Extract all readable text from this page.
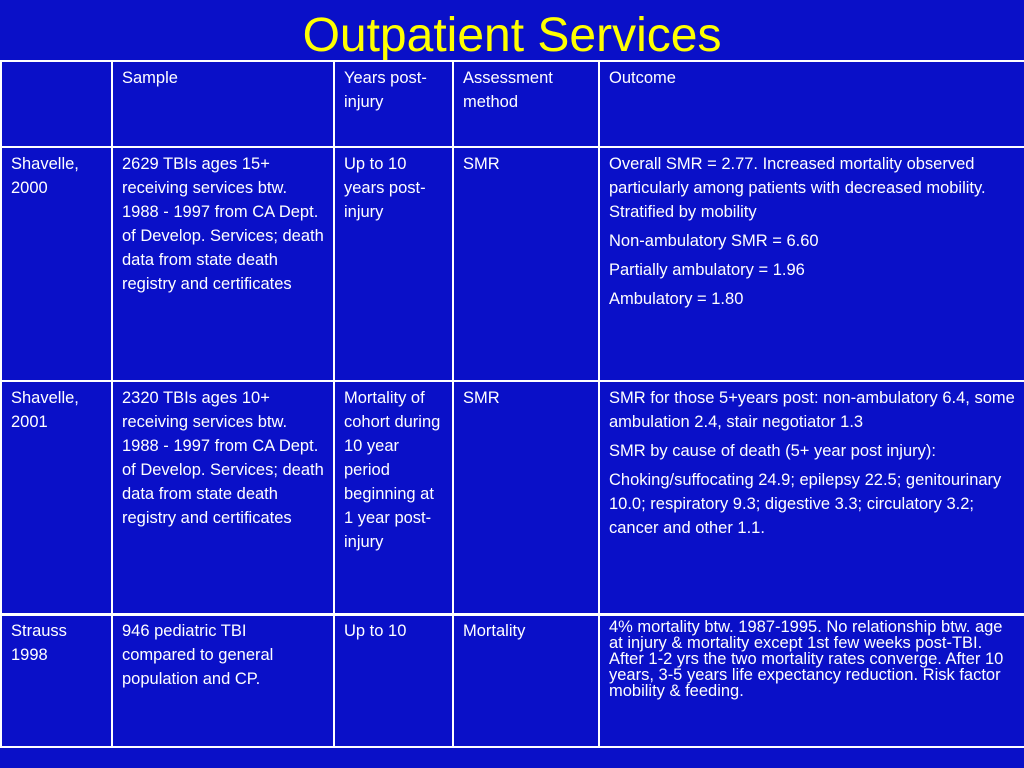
Outpatient Services
	Sample	Years post-injury	Assessment method	Outcome
Shavelle, 2000	2629 TBIs ages 15+ receiving services btw. 1988 - 1997 from CA Dept. of Develop. Services; death data from state death registry and certificates	Up to 10 years post-injury	SMR	Overall SMR = 2.77. Increased mortality observed particularly among patients with decreased mobility. Stratified by mobility

Non-ambulatory SMR = 6.60

Partially ambulatory = 1.96

Ambulatory = 1.80

Shavelle, 2001	2320 TBIs ages 10+ receiving services btw. 1988 - 1997 from CA Dept. of Develop. Services; death data from state death registry and certificates	Mortality of cohort during 10 year period beginning at 1 year post-injury	SMR	SMR for those 5+years post: non-ambulatory 6.4, some ambulation 2.4, stair negotiator 1.3

SMR by cause of death (5+ year post injury):

Choking/suffocating 24.9; epilepsy 22.5; genitourinary 10.0; respiratory 9.3; digestive 3.3; circulatory 3.2; cancer and other 1.1.

Strauss 1998	946 pediatric TBI compared to general population and CP.	Up to 10	Mortality	4% mortality btw. 1987-1995. No relationship btw. age at injury & mortality except 1st few weeks post-TBI. After 1-2 yrs the two mortality rates converge. After 10 years, 3-5 years life expectancy reduction. Risk factor mobility & feeding.
